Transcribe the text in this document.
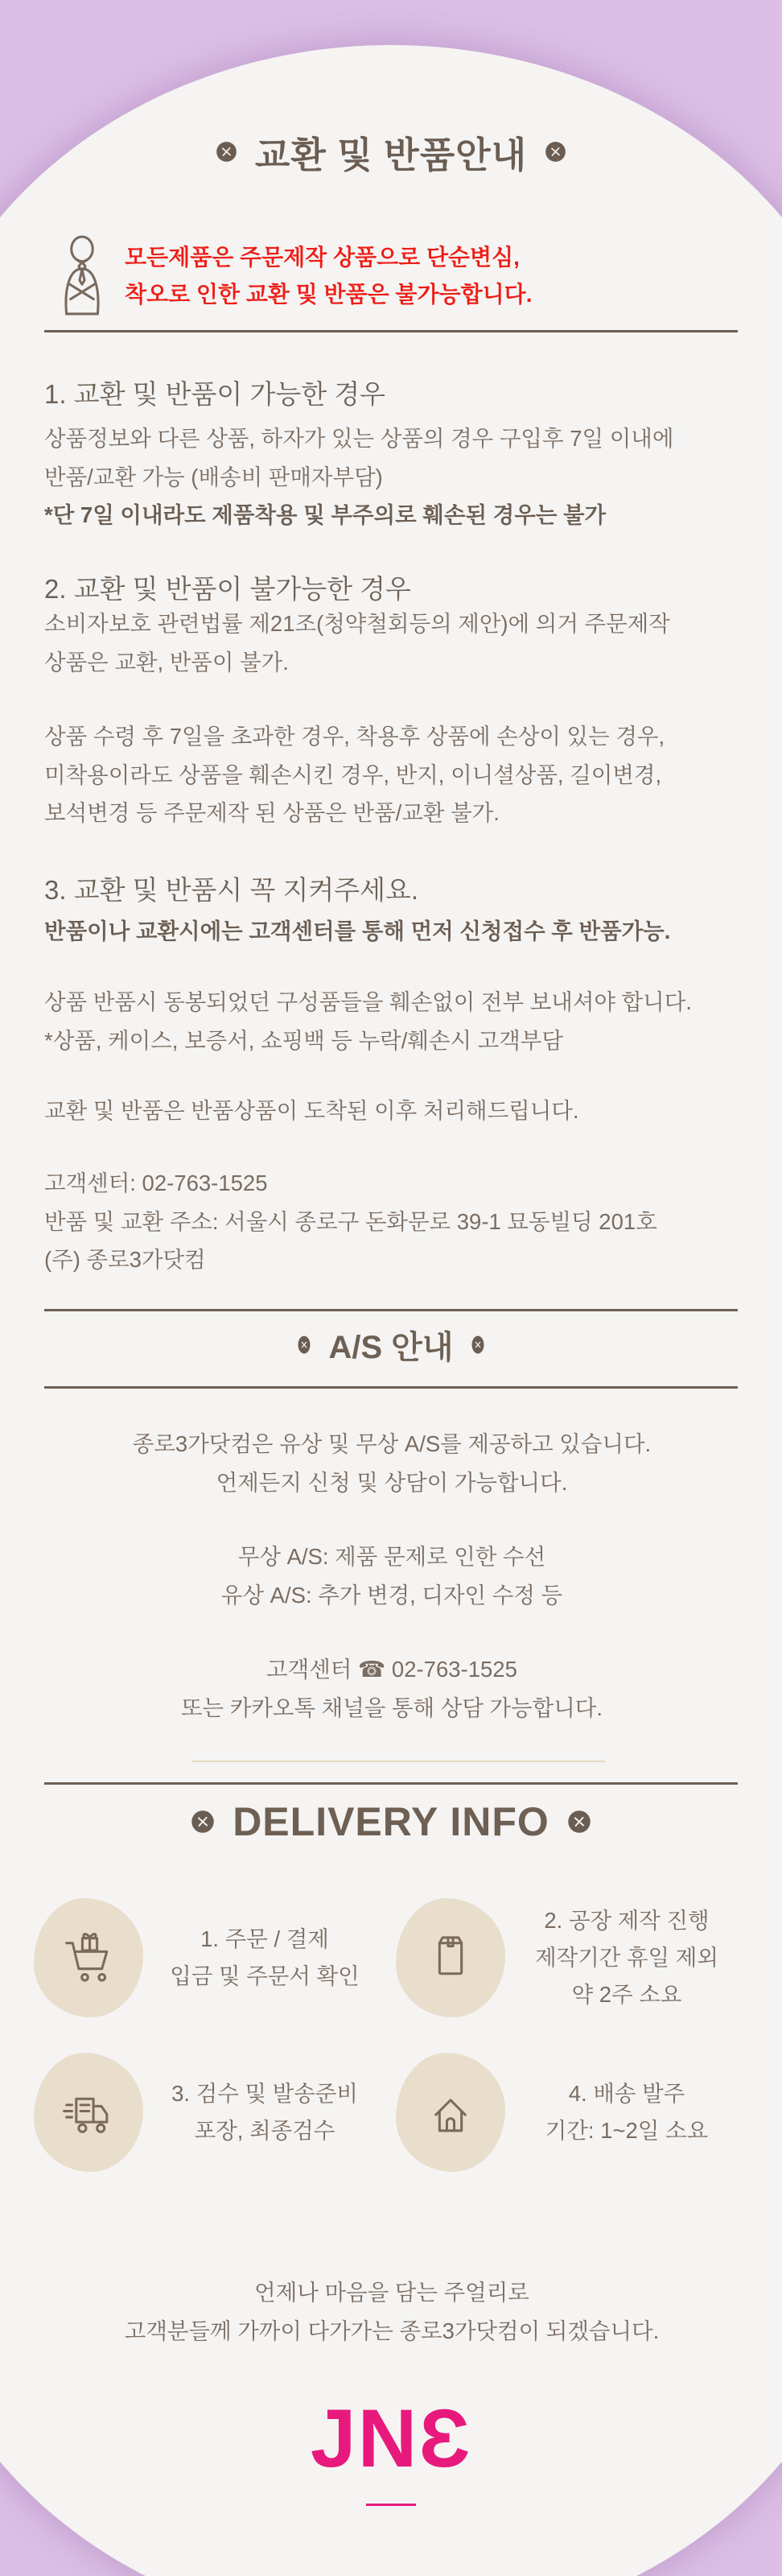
교환 및 반품안내
모든제품은 주문제작 상품으로 단순변심,
착오로 인한 교환 및 반품은 불가능합니다.
1. 교환 및 반품이 가능한 경우
상품정보와 다른 상품, 하자가 있는 상품의 경우 구입후 7일 이내에
반품/교환 가능 (배송비 판매자부담)
*단 7일 이내라도 제품착용 및 부주의로 훼손된 경우는 불가
2. 교환 및 반품이 불가능한 경우
소비자보호 관련법률 제21조(청약철회등의 제안)에 의거 주문제작
상품은 교환, 반품이 불가.
상품 수령 후 7일을 초과한 경우, 착용후 상품에 손상이 있는 경우,
미착용이라도 상품을 훼손시킨 경우, 반지, 이니셜상품, 길이변경,
보석변경 등 주문제작 된 상품은 반품/교환 불가.
3. 교환 및 반품시 꼭 지켜주세요.
반품이나 교환시에는 고객센터를 통해 먼저 신청접수 후 반품가능.
상품 반품시 동봉되었던 구성품들을 훼손없이 전부 보내셔야 합니다.
*상품, 케이스, 보증서, 쇼핑백 등 누락/훼손시 고객부담
교환 및 반품은 반품상품이 도착된 이후 처리해드립니다.
고객센터: 02-763-1525
반품 및 교환 주소: 서울시 종로구 돈화문로 39-1 묘동빌딩 201호
(주) 종로3가닷컴
A/S 안내
종로3가닷컴은 유상 및 무상 A/S를 제공하고 있습니다.
언제든지 신청 및 상담이 가능합니다.
무상 A/S: 제품 문제로 인한 수선
유상 A/S: 추가 변경, 디자인 수정 등
고객센터 ☎ 02-763-1525
또는 카카오톡 채널을 통해 상담 가능합니다.
DELIVERY INFO
1. 주문 / 결제
입금 및 주문서 확인
2. 공장 제작 진행
제작기간 휴일 제외
약 2주 소요
3. 검수 및 발송준비
포장, 최종검수
4. 배송 발주
기간: 1~2일 소요
언제나 마음을 담는 주얼리로
고객분들께 가까이 다가가는 종로3가닷컴이 되겠습니다.
JNƐ
